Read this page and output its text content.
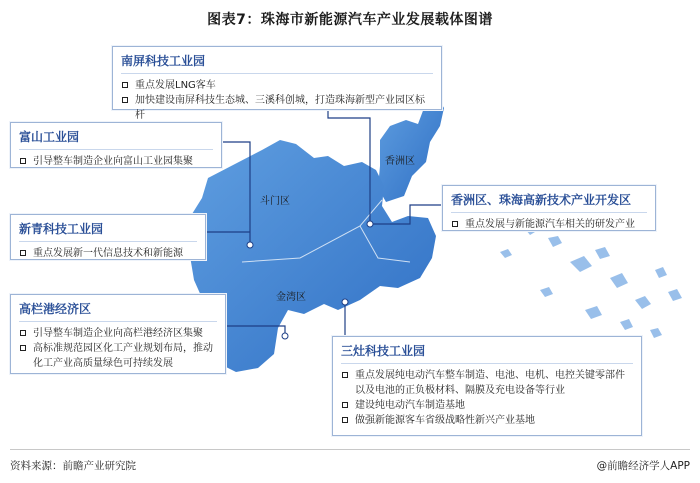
图表7：珠海市新能源汽车产业发展载体图谱
斗门区
金湾区
香洲区
南屏科技工业园
重点发展LNG客车
加快建设南屏科技生态城、三溪科创城，打造珠海新型产业园区标杆
富山工业园
引导整车制造企业向富山工业园集聚
香洲区、珠海高新技术产业开发区
重点发展与新能源汽车相关的研发产业
新青科技工业园
重点发展新一代信息技术和新能源
高栏港经济区
引导整车制造企业向高栏港经济区集聚
高标准规范园区化工产业规划布局，推动化工产业高质量绿色可持续发展
三灶科技工业园
重点发展纯电动汽车整车制造、电池、电机、电控关键零部件以及电池的正负极材料、隔膜及充电设备等行业
建设纯电动汽车制造基地
做强新能源客车省级战略性新兴产业基地
资料来源：前瞻产业研究院	@前瞻经济学人APP
